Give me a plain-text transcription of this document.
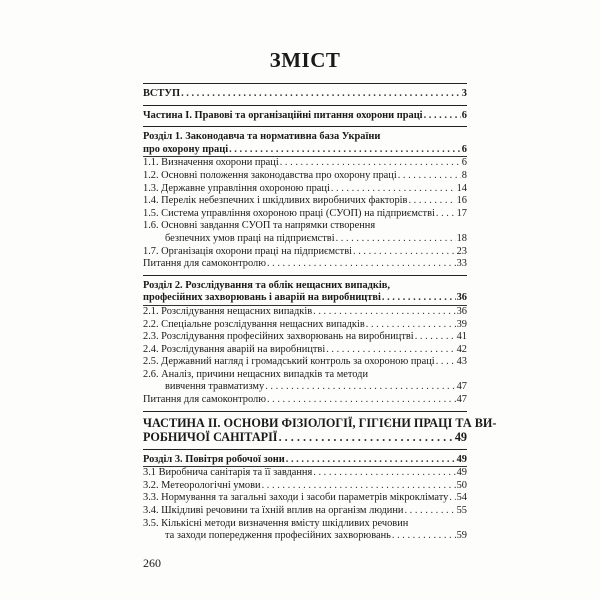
ЗМІСТ
ВСТУП . . .	3
Частина I. Правові та організаційні питання охорони праці . . .	6
Розділ 1. Законодавча та нормативна база України
про охорону праці . . .	6
1.1. Визначення охорони праці . . .	6
1.2. Основні положення законодавства про охорону праці . . .	8
1.3. Державне управління охороною праці . . .	14
1.4. Перелік небезпечних і шкідливих виробничих факторів . . .	16
1.5. Система управління охороною праці (СУОП) на підприємстві . . . 17
1.6. Основні завдання СУОП та напрямки створення
безпечних умов праці на підприємстві . . .	18
1.7. Організація охорони праці на підприємстві . . .	23
Питання для самоконтролю . . .	33
Розділ 2. Розслідування та облік нещасних випадків,
професійних захворювань і аварій на виробництві . . .	36
2.1. Розслідування нещасних випадків . . .	36
2.2. Спеціальне розслідування нещасних випадків . . .	39
2.3. Розслідування професійних захворювань на виробництві . . .	41
2.4. Розслідування аварій на виробництві . . .	42
2.5. Державний нагляд і громадський контроль за охороною праці . . . 43
2.6. Аналіз, причини нещасних випадків та методи
вивчення травматизму . . .	47
Питання для самоконтролю . . .	47
ЧАСТИНА II. ОСНОВИ ФІЗІОЛОГІЇ, ГІГІЄНИ ПРАЦІ ТА ВИ-
РОБНИЧОЇ САНІТАРІЇ . . .	49
Розділ 3. Повітря робочої зони . . .	49
3.1 Виробнича санітарія та її завдання . . .	49
3.2. Метеорологічні умови . . .	50
3.3. Нормування та загальні заходи і засоби параметрів мікроклімату . . . 54
3.4. Шкідливі речовини та їхній вплив на організм людини . . .	55
3.5. Кількісні методи визначення вмісту шкідливих речовин
та заходи попередження професійних захворювань . . .	59
260
